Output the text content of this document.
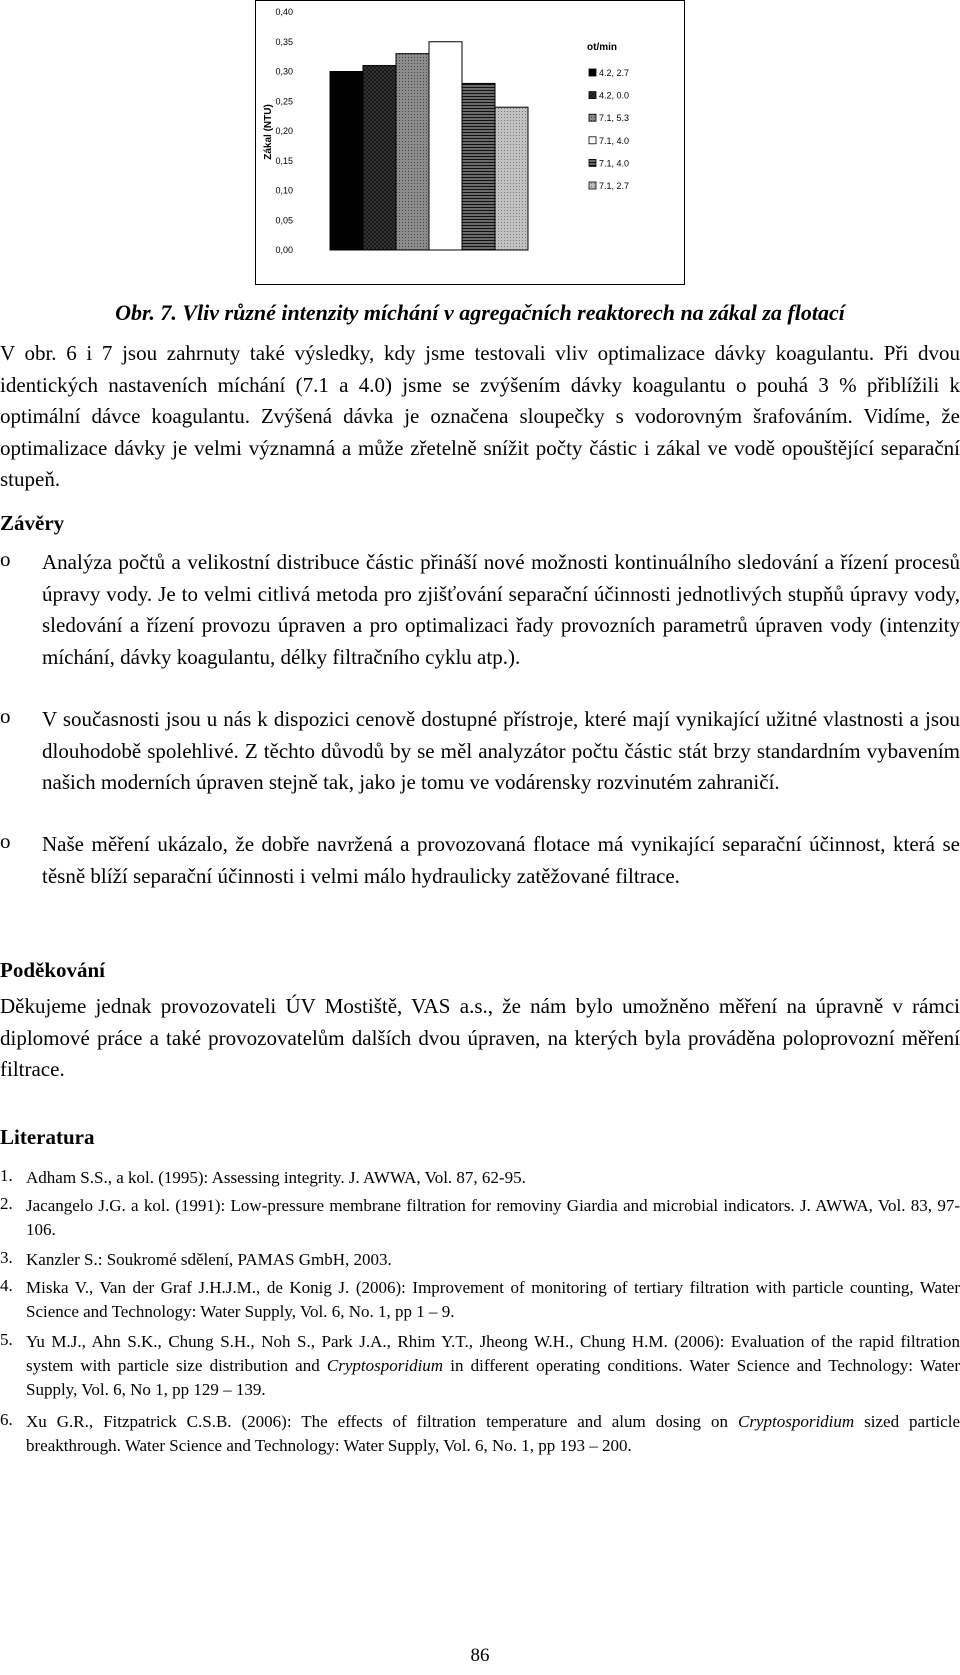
0,00
0,05
0,10
0,15
0,20
0,25
0,30
0,35
0,40
Zákal (NTU)
ot/min
4.2, 2.7
4.2, 0.0
7.1, 5.3
7.1, 4.0
7.1, 4.0
7.1, 2.7
Obr. 7. Vliv různé intenzity míchání v agregačních reaktorech na zákal za flotací
V obr. 6 i 7 jsou zahrnuty také výsledky, kdy jsme testovali vliv optimalizace dávky koagulantu. Při dvou identických nastaveních míchání (7.1 a 4.0) jsme se zvýšením dávky koagulantu o pouhá 3 % přiblížili k optimální dávce koagulantu. Zvýšená dávka je označena sloupečky s vodorovným šrafováním. Vidíme, že optimalizace dávky je velmi významná a může zřetelně snížit počty částic i zákal ve vodě opouštějící separační stupeň.
Závěry
o Analýza počtů a velikostní distribuce částic přináší nové možnosti kontinuálního sledování a řízení procesů úpravy vody. Je to velmi citlivá metoda pro zjišťování separační účinnosti jednotlivých stupňů úpravy vody, sledování a řízení provozu úpraven a pro optimalizaci řady provozních parametrů úpraven vody (intenzity míchání, dávky koagulantu, délky filtračního cyklu atp.).
o V současnosti jsou u nás k dispozici cenově dostupné přístroje, které mají vynikající užitné vlastnosti a jsou dlouhodobě spolehlivé. Z těchto důvodů by se měl analyzátor počtu částic stát brzy standardním vybavením našich moderních úpraven stejně tak, jako je tomu ve vodárensky rozvinutém zahraničí.
o Naše měření ukázalo, že dobře navržená a provozovaná flotace má vynikající separační účinnost, která se těsně blíží separační účinnosti i velmi málo hydraulicky zatěžované filtrace.
Poděkování
Děkujeme jednak provozovateli ÚV Mostiště, VAS a.s., že nám bylo umožněno měření na úpravně v rámci diplomové práce a také provozovatelům dalších dvou úpraven, na kterých byla prováděna poloprovozní měření filtrace.
Literatura
1. Adham S.S., a kol. (1995): Assessing integrity. J. AWWA, Vol. 87, 62-95.
2. Jacangelo J.G. a kol. (1991): Low-pressure membrane filtration for removiny Giardia and microbial indicators. J. AWWA, Vol. 83, 97-106.
3. Kanzler S.: Soukromé sdělení, PAMAS GmbH, 2003.
4. Miska V., Van der Graf J.H.J.M., de Konig J. (2006): Improvement of monitoring of tertiary filtration with particle counting, Water Science and Technology: Water Supply, Vol. 6, No. 1, pp 1 – 9.
5. Yu M.J., Ahn S.K., Chung S.H., Noh S., Park J.A., Rhim Y.T., Jheong W.H., Chung H.M. (2006): Evaluation of the rapid filtration system with particle size distribution and Cryptosporidium in different operating conditions. Water Science and Technology: Water Supply, Vol. 6, No 1, pp 129 – 139.
6. Xu G.R., Fitzpatrick C.S.B. (2006): The effects of filtration temperature and alum dosing on Cryptosporidium sized particle breakthrough. Water Science and Technology: Water Supply, Vol. 6, No. 1, pp 193 – 200.
86
